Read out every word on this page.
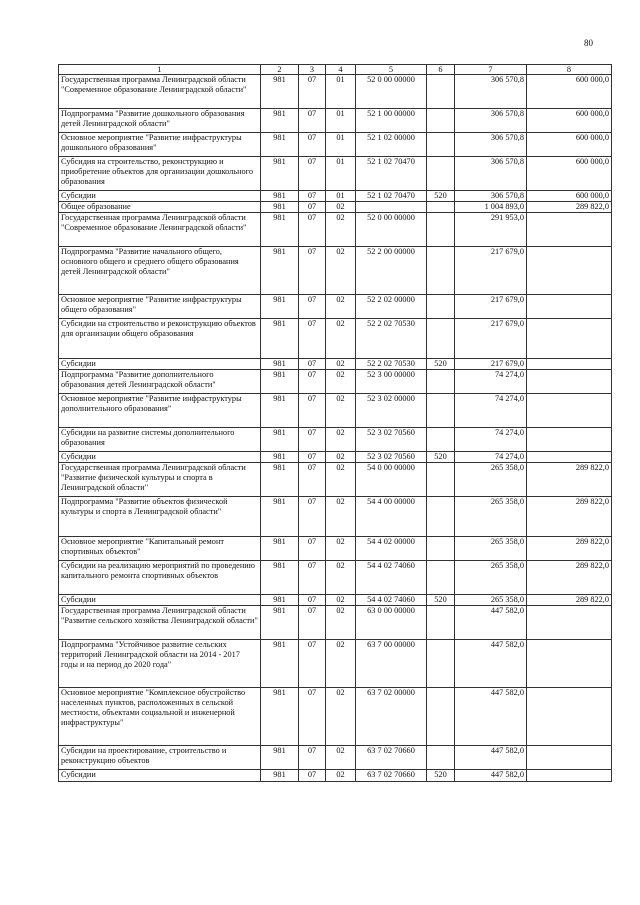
80
1	2	3	4	5	6	7	8
Государственная программа Ленинградской области "Современное образование Ленинградской области"	981	07	01	52 0 00 00000		306 570,8	600 000,0
Подпрограмма "Развитие дошкольного образования детей Ленинградской области"	981	07	01	52 1 00 00000		306 570,8	600 000,0
Основное мероприятие "Развитие инфраструктуры дошкольного образования"	981	07	01	52 1 02 00000		306 570,8	600 000,0
Субсидия на строительство, реконструкцию и приобретение объектов для организации дошкольного образования	981	07	01	52 1 02 70470		306 570,8	600 000,0
Субсидии	981	07	01	52 1 02 70470	520	306 570,8	600 000,0
Общее образование	981	07	02			1 004 893,0	289 822,0
Государственная программа Ленинградской области "Современное образование Ленинградской области"	981	07	02	52 0 00 00000		291 953,0	
Подпрограмма "Развитие начального общего, основного общего и среднего общего образования детей Ленинградской области"	981	07	02	52 2 00 00000		217 679,0	
Основное мероприятие "Развитие инфраструктуры общего образования"	981	07	02	52 2 02 00000		217 679,0	
Субсидии на строительство и реконструкцию объектов для организации общего образования	981	07	02	52 2 02 70530		217 679,0	
Субсидии	981	07	02	52 2 02 70530	520	217 679,0	
Подпрограмма "Развитие дополнительного образования детей Ленинградской области"	981	07	02	52 3 00 00000		74 274,0	
Основное мероприятие "Развитие инфраструктуры дополнительного образования"	981	07	02	52 3 02 00000		74 274,0	
Субсидии на развитие системы дополнительного образования	981	07	02	52 3 02 70560		74 274,0	
Субсидии	981	07	02	52 3 02 70560	520	74 274,0	
Государственная программа Ленинградской области "Развитие физической культуры и спорта в Ленинградской области"	981	07	02	54 0 00 00000		265 358,0	289 822,0
Подпрограмма "Развитие объектов физической культуры и спорта в Ленинградской области"	981	07	02	54 4 00 00000		265 358,0	289 822,0
Основное мероприятие "Капитальный ремонт спортивных объектов"	981	07	02	54 4 02 00000		265 358,0	289 822,0
Субсидии на реализацию мероприятий по проведению капитального ремонта спортивных объектов	981	07	02	54 4 02 74060		265 358,0	289 822,0
Субсидии	981	07	02	54 4 02 74060	520	265 358,0	289 822,0
Государственная программа Ленинградской области "Развитие сельского хозяйства Ленинградской области"	981	07	02	63 0 00 00000		447 582,0	
Подпрограмма "Устойчивое развитие сельских территорий Ленинградской области на 2014 - 2017 годы и на период до 2020 года"	981	07	02	63 7 00 00000		447 582,0	
Основное мероприятие "Комплексное обустройство населенных пунктов, расположенных в сельской местности, объектами социальной и инженерной инфраструктуры"	981	07	02	63 7 02 00000		447 582,0	
Субсидии на проектирование, строительство и реконструкцию объектов	981	07	02	63 7 02 70660		447 582,0	
Субсидии	981	07	02	63 7 02 70660	520	447 582,0	
